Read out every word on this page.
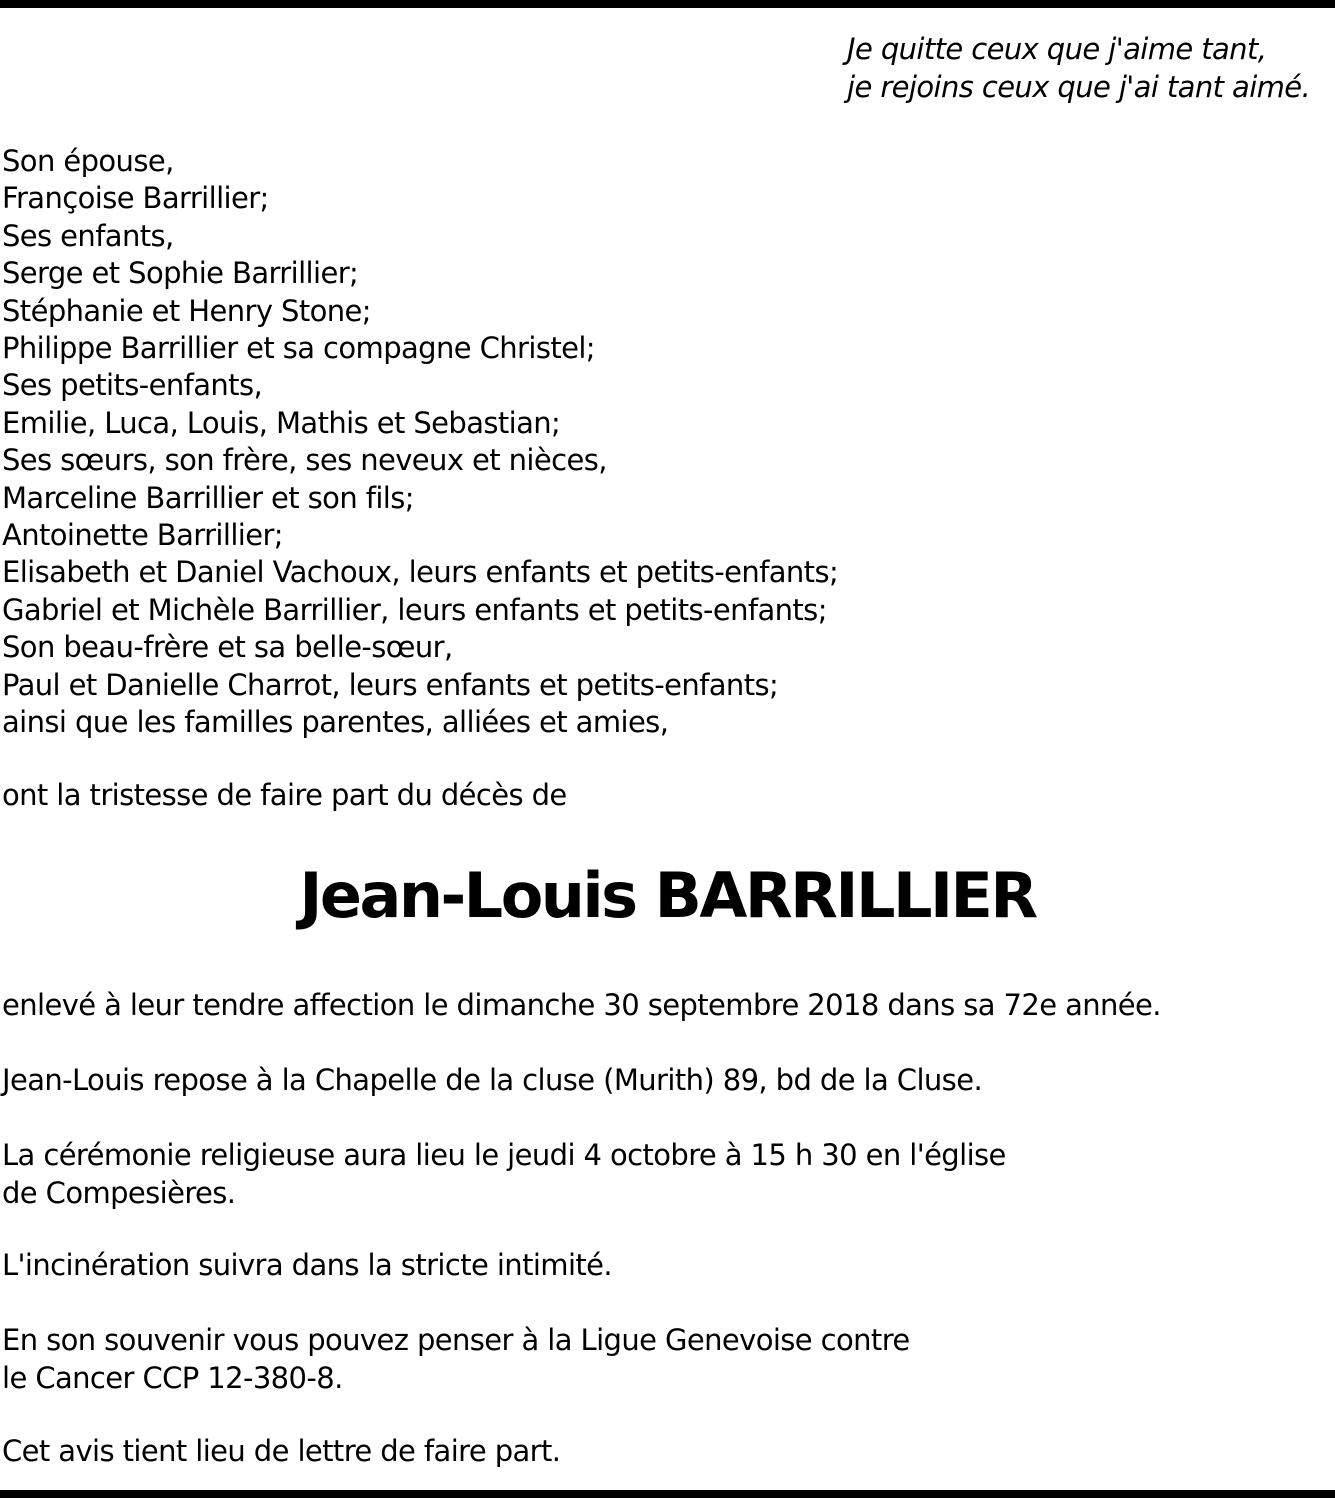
Je quitte ceux que j'aime tant,
je rejoins ceux que j'ai tant aimé.
Son épouse,
Françoise Barrillier;
Ses enfants,
Serge et Sophie Barrillier;
Stéphanie et Henry Stone;
Philippe Barrillier et sa compagne Christel;
Ses petits-enfants,
Emilie, Luca, Louis, Mathis et Sebastian;
Ses sœurs, son frère, ses neveux et nièces,
Marceline Barrillier et son fils;
Antoinette Barrillier;
Elisabeth et Daniel Vachoux, leurs enfants et petits-enfants;
Gabriel et Michèle Barrillier, leurs enfants et petits-enfants;
Son beau-frère et sa belle-sœur,
Paul et Danielle Charrot, leurs enfants et petits-enfants;
ainsi que les familles parentes, alliées et amies,
ont la tristesse de faire part du décès de
Jean-Louis BARRILLIER
enlevé à leur tendre affection le dimanche 30 septembre 2018 dans sa 72e année.
Jean-Louis repose à la Chapelle de la cluse (Murith) 89, bd de la Cluse.
La cérémonie religieuse aura lieu le jeudi 4 octobre à 15 h 30 en l'église
de Compesières.
L'incinération suivra dans la stricte intimité.
En son souvenir vous pouvez penser à la Ligue Genevoise contre
le Cancer CCP 12-380-8.
Cet avis tient lieu de lettre de faire part.
